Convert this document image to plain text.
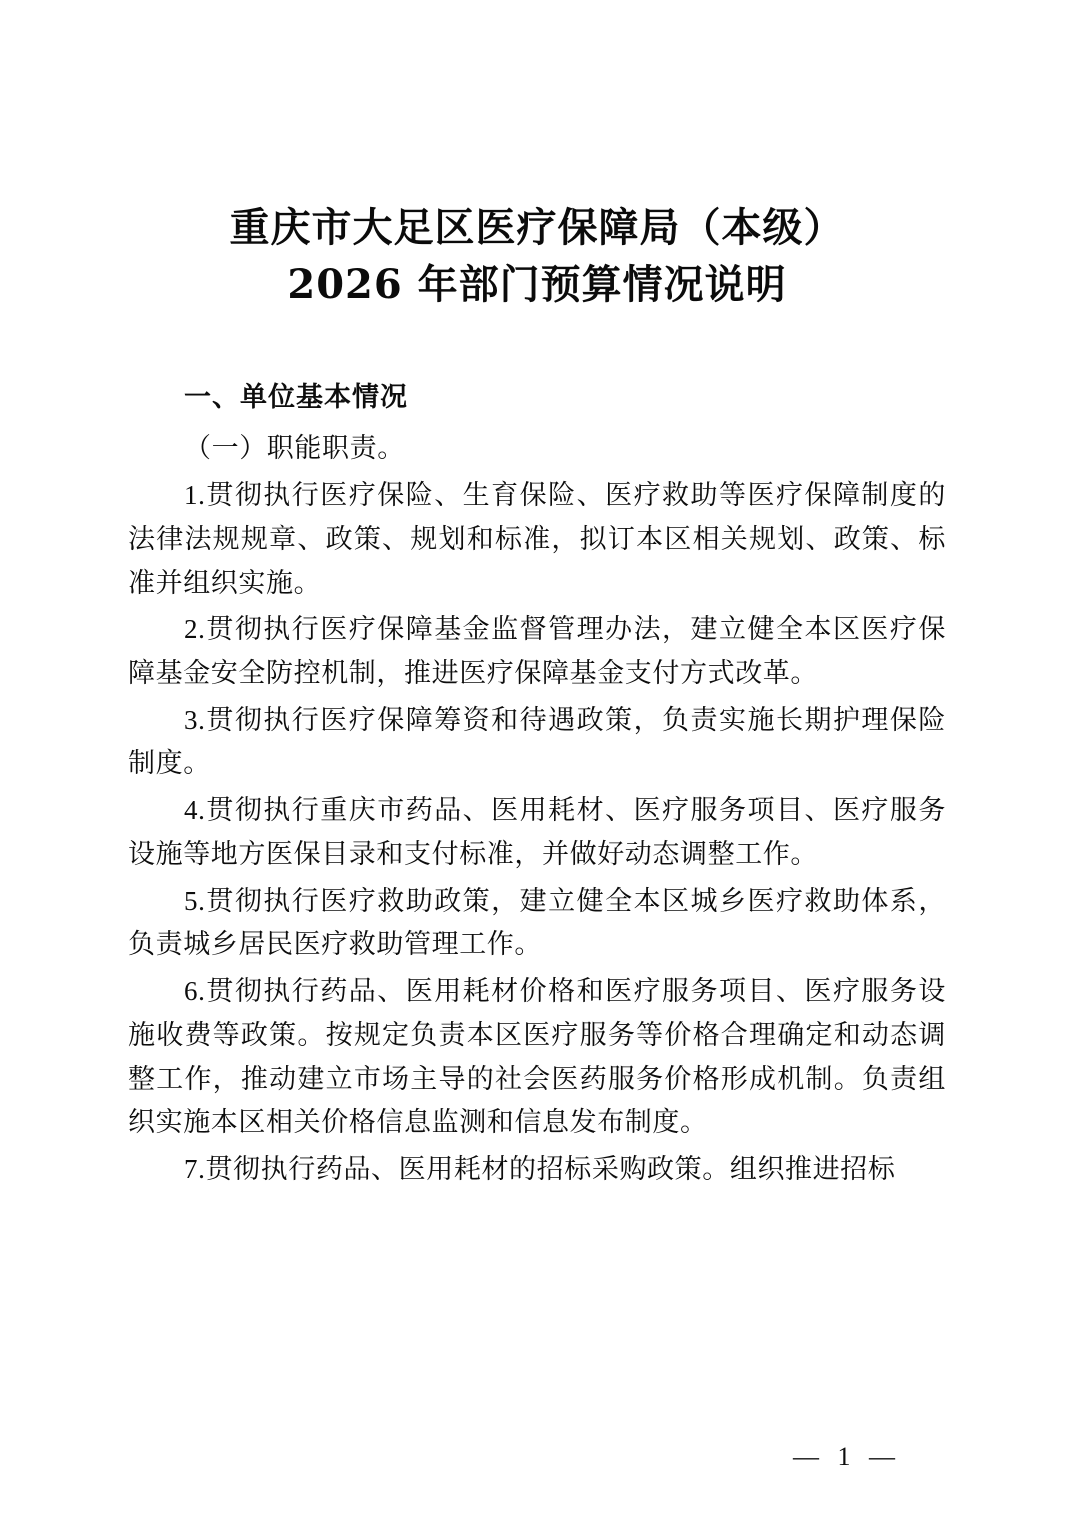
重庆市大足区医疗保障局（本级）
2026 年部门预算情况说明
一、单位基本情况

（一）职能职责。

1.贯彻执行医疗保险、生育保险、医疗救助等医疗保障制度的法律法规规章、政策、规划和标准，拟订本区相关规划、政策、标准并组织实施。

2.贯彻执行医疗保障基金监督管理办法，建立健全本区医疗保障基金安全防控机制，推进医疗保障基金支付方式改革。

3.贯彻执行医疗保障筹资和待遇政策，负责实施长期护理保险制度。

4.贯彻执行重庆市药品、医用耗材、医疗服务项目、医疗服务设施等地方医保目录和支付标准，并做好动态调整工作。

5.贯彻执行医疗救助政策，建立健全本区城乡医疗救助体系，负责城乡居民医疗救助管理工作。

6.贯彻执行药品、医用耗材价格和医疗服务项目、医疗服务设施收费等政策。按规定负责本区医疗服务等价格合理确定和动态调整工作，推动建立市场主导的社会医药服务价格形成机制。负责组织实施本区相关价格信息监测和信息发布制度。

7.贯彻执行药品、医用耗材的招标采购政策。组织推进招标

— 1 —
